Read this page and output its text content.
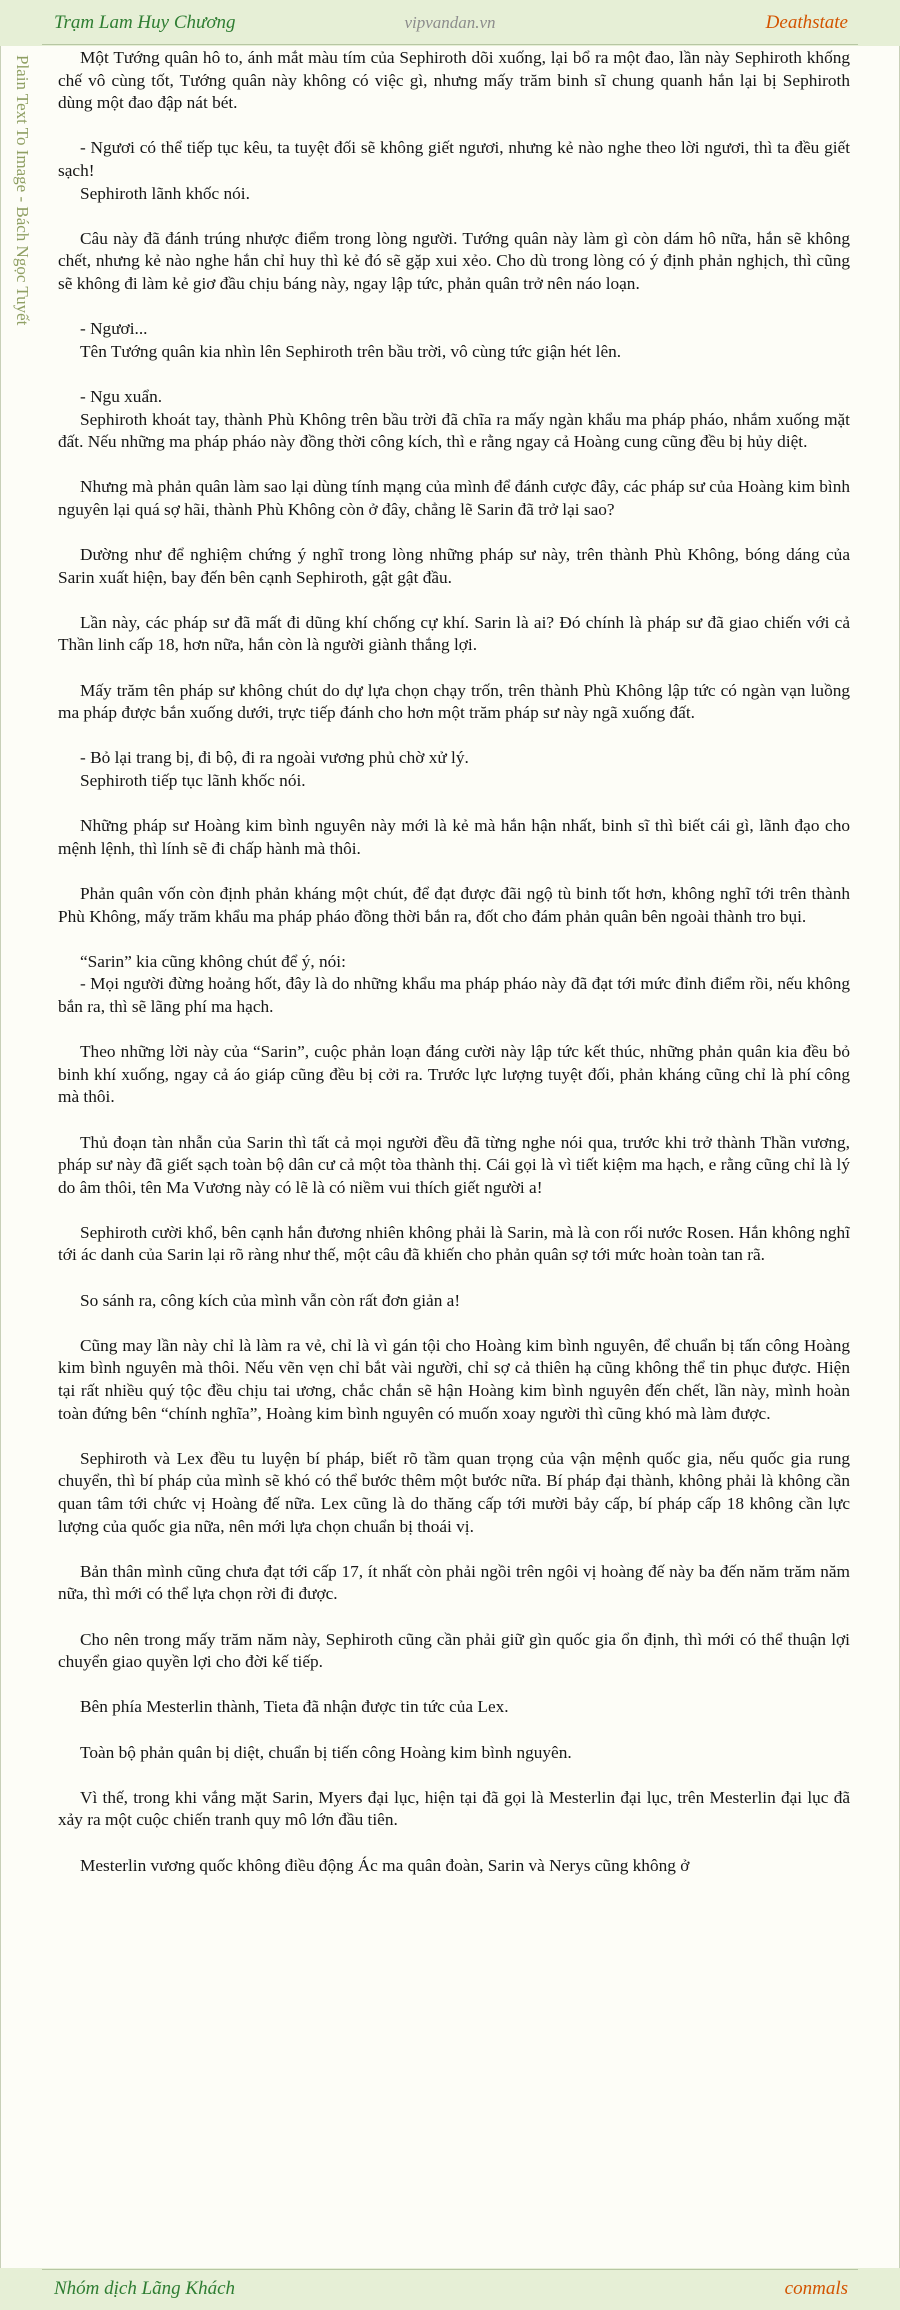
Trạm Lam Huy Chương	vipvandan.vn	Deathstate
Plain Text To Image - Bách Ngọc Tuyết	Một Tướng quân hô to, ánh mắt màu tím của Sephiroth dõi xuống, lại bổ ra một đao, lần này Sephiroth khống chế vô cùng tốt, Tướng quân này không có việc gì, nhưng mấy trăm binh sĩ chung quanh hắn lại bị Sephiroth dùng một đao đập nát bét.

- Ngươi có thể tiếp tục kêu, ta tuyệt đối sẽ không giết ngươi, nhưng kẻ nào nghe theo lời ngươi, thì ta đều giết sạch!

Sephiroth lãnh khốc nói.

Câu này đã đánh trúng nhược điểm trong lòng người. Tướng quân này làm gì còn dám hô nữa, hắn sẽ không chết, nhưng kẻ nào nghe hắn chỉ huy thì kẻ đó sẽ gặp xui xẻo. Cho dù trong lòng có ý định phản nghịch, thì cũng sẽ không đi làm kẻ giơ đầu chịu báng này, ngay lập tức, phản quân trở nên náo loạn.

- Ngươi...

Tên Tướng quân kia nhìn lên Sephiroth trên bầu trời, vô cùng tức giận hét lên.

- Ngu xuẩn.

Sephiroth khoát tay, thành Phù Không trên bầu trời đã chĩa ra mấy ngàn khẩu ma pháp pháo, nhắm xuống mặt đất. Nếu những ma pháp pháo này đồng thời công kích, thì e rằng ngay cả Hoàng cung cũng đều bị hủy diệt.

Nhưng mà phản quân làm sao lại dùng tính mạng của mình để đánh cược đây, các pháp sư của Hoàng kim bình nguyên lại quá sợ hãi, thành Phù Không còn ở đây, chẳng lẽ Sarin đã trở lại sao?

Dường như để nghiệm chứng ý nghĩ trong lòng những pháp sư này, trên thành Phù Không, bóng dáng của Sarin xuất hiện, bay đến bên cạnh Sephiroth, gật gật đầu.

Lần này, các pháp sư đã mất đi dũng khí chống cự khí. Sarin là ai? Đó chính là pháp sư đã giao chiến với cả Thần linh cấp 18, hơn nữa, hắn còn là người giành thắng lợi.

Mấy trăm tên pháp sư không chút do dự lựa chọn chạy trốn, trên thành Phù Không lập tức có ngàn vạn luồng ma pháp được bắn xuống dưới, trực tiếp đánh cho hơn một trăm pháp sư này ngã xuống đất.

- Bỏ lại trang bị, đi bộ, đi ra ngoài vương phủ chờ xử lý.

Sephiroth tiếp tục lãnh khốc nói.

Những pháp sư Hoàng kim bình nguyên này mới là kẻ mà hắn hận nhất, binh sĩ thì biết cái gì, lãnh đạo cho mệnh lệnh, thì lính sẽ đi chấp hành mà thôi.

Phản quân vốn còn định phản kháng một chút, để đạt được đãi ngộ tù binh tốt hơn, không nghĩ tới trên thành Phù Không, mấy trăm khẩu ma pháp pháo đồng thời bắn ra, đốt cho đám phản quân bên ngoài thành tro bụi.

“Sarin” kia cũng không chút để ý, nói:

- Mọi người đừng hoảng hốt, đây là do những khẩu ma pháp pháo này đã đạt tới mức đỉnh điểm rồi, nếu không bắn ra, thì sẽ lãng phí ma hạch.

Theo những lời này của “Sarin”, cuộc phản loạn đáng cười này lập tức kết thúc, những phản quân kia đều bỏ binh khí xuống, ngay cả áo giáp cũng đều bị cởi ra. Trước lực lượng tuyệt đối, phản kháng cũng chỉ là phí công mà thôi.

Thủ đoạn tàn nhẫn của Sarin thì tất cả mọi người đều đã từng nghe nói qua, trước khi trở thành Thần vương, pháp sư này đã giết sạch toàn bộ dân cư cả một tòa thành thị. Cái gọi là vì tiết kiệm ma hạch, e rằng cũng chỉ là lý do âm thôi, tên Ma Vương này có lẽ là có niềm vui thích giết người a!

Sephiroth cười khổ, bên cạnh hắn đương nhiên không phải là Sarin, mà là con rối nước Rosen. Hắn không nghĩ tới ác danh của Sarin lại rõ ràng như thế, một câu đã khiến cho phản quân sợ tới mức hoàn toàn tan rã.

So sánh ra, công kích của mình vẫn còn rất đơn giản a!

Cũng may lần này chỉ là làm ra vẻ, chỉ là vì gán tội cho Hoàng kim bình nguyên, để chuẩn bị tấn công Hoàng kim bình nguyên mà thôi. Nếu vẽn vẹn chỉ bắt vài người, chỉ sợ cả thiên hạ cũng không thể tin phục được. Hiện tại rất nhiều quý tộc đều chịu tai ương, chắc chắn sẽ hận Hoàng kim bình nguyên đến chết, lần này, mình hoàn toàn đứng bên “chính nghĩa”, Hoàng kim bình nguyên có muốn xoay người thì cũng khó mà làm được.

Sephiroth và Lex đều tu luyện bí pháp, biết rõ tầm quan trọng của vận mệnh quốc gia, nếu quốc gia rung chuyển, thì bí pháp của mình sẽ khó có thể bước thêm một bước nữa. Bí pháp đại thành, không phải là không cần quan tâm tới chức vị Hoàng đế nữa. Lex cũng là do thăng cấp tới mười bảy cấp, bí pháp cấp 18 không cần lực lượng của quốc gia nữa, nên mới lựa chọn chuẩn bị thoái vị.

Bản thân mình cũng chưa đạt tới cấp 17, ít nhất còn phải ngồi trên ngôi vị hoàng đế này ba đến năm trăm năm nữa, thì mới có thể lựa chọn rời đi được.

Cho nên trong mấy trăm năm này, Sephiroth cũng cần phải giữ gìn quốc gia ổn định, thì mới có thể thuận lợi chuyển giao quyền lợi cho đời kế tiếp.

Bên phía Mesterlin thành, Tieta đã nhận được tin tức của Lex.

Toàn bộ phản quân bị diệt, chuẩn bị tiến công Hoàng kim bình nguyên.

Vì thế, trong khi vắng mặt Sarin, Myers đại lục, hiện tại đã gọi là Mesterlin đại lục, trên Mesterlin đại lục đã xảy ra một cuộc chiến tranh quy mô lớn đầu tiên.

Mesterlin vương quốc không điều động Ác ma quân đoàn, Sarin và Nerys cũng không ở

Nhóm dịch Lãng Khách	conmals
